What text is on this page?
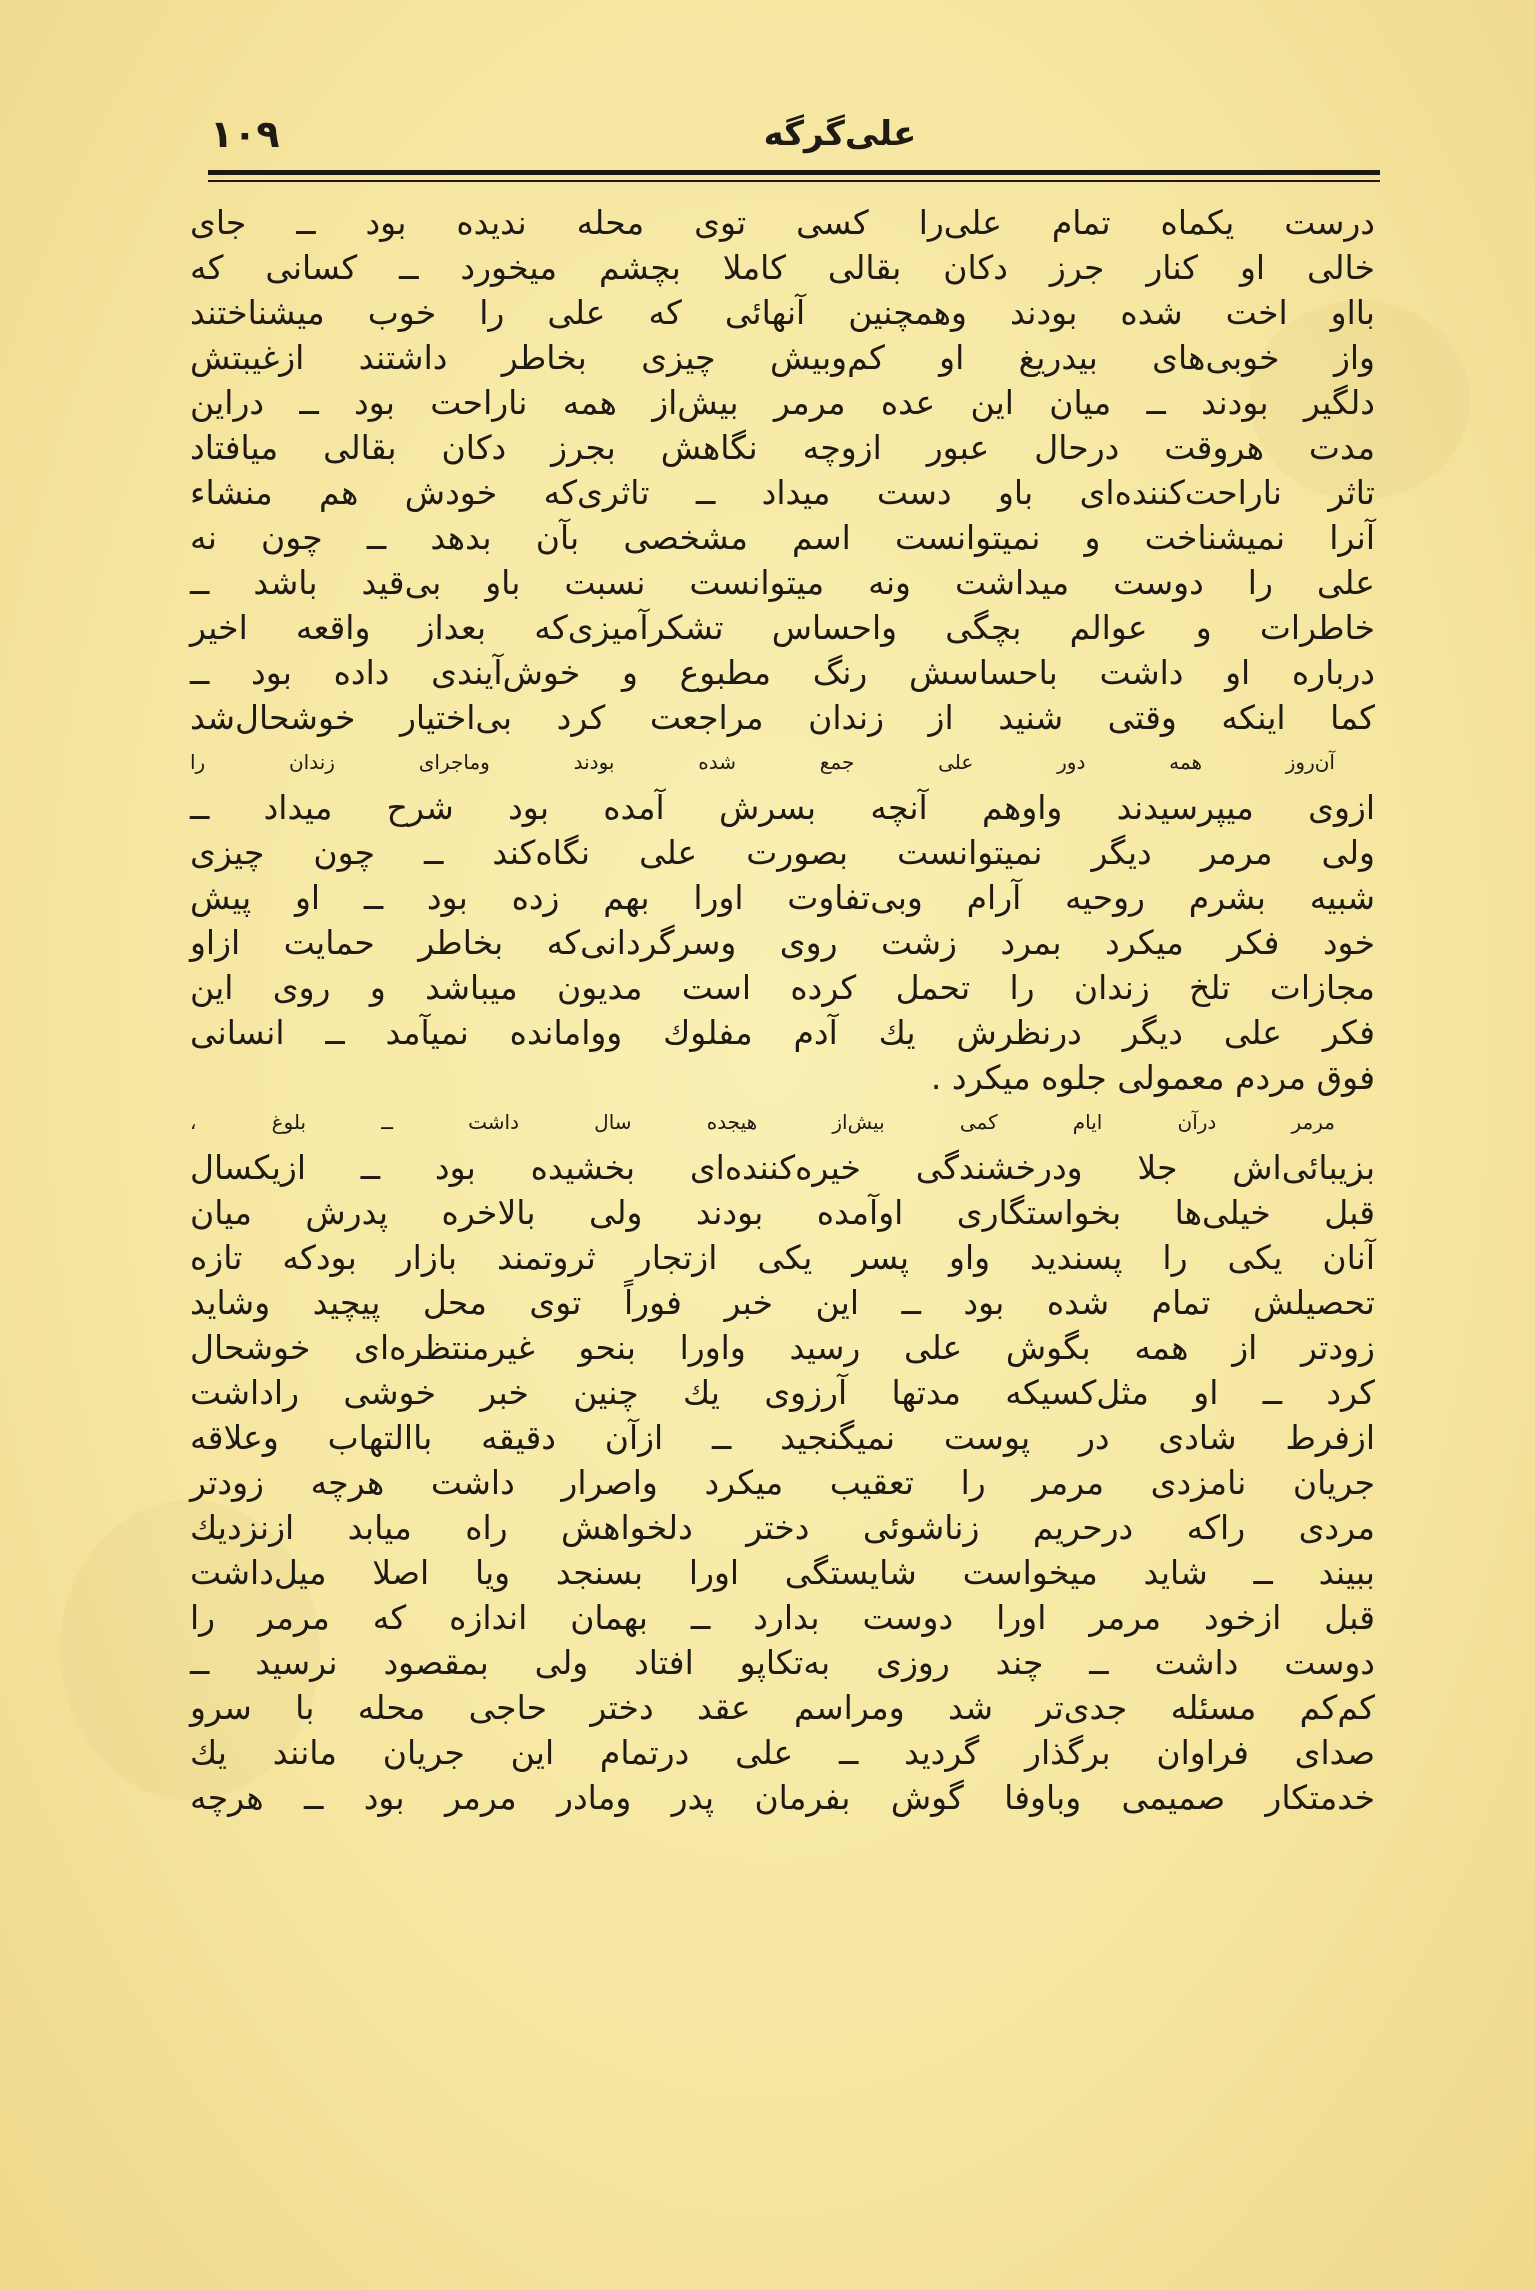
۱۰۹	علی‌گرگه
درست یکماه تمام علی‌را کسی توی محله ندیده بود ــ جای
خالی او کنار جرز دکان بقالی کاملا بچشم میخورد ــ کسانی که
بااو اخت شده بودند وهمچنین آنهائی که علی را خوب میشناختند
واز خوبی‌های بیدریغ او کم‌وبیش چیزی بخاطر داشتند ازغیبتش
دلگیر بودند ــ میان این عده مرمر بیش‌از همه ناراحت بود ــ دراین
مدت هروقت درحال عبور ازوچه نگاهش بجرز دکان بقالی میافتاد
تاثر ناراحت‌کننده‌ای باو دست میداد ــ تاثری‌که خودش هم منشاء
آنرا نمیشناخت و نمیتوانست اسم مشخصی بآن بدهد ــ چون نه
علی را دوست میداشت ونه میتوانست نسبت باو بی‌قید باشد ــ
خاطرات و عوالم بچگی واحساس تشکرآمیزی‌که بعداز واقعه اخیر
درباره او داشت باحساسش رنگ مطبوع و خوش‌آیندی داده بود ــ
کما اینکه وقتی شنید از زندان مراجعت کرد بی‌اختیار خوشحال‌شد
آن‌روز همه دور علی جمع شده بودند وماجرای زندان را
ازوی میپرسیدند واوهم آنچه بسرش آمده بود شرح میداد ــ
ولی مرمر دیگر نمیتوانست بصورت علی نگاه‌کند ــ چون چیزی
شبیه بشرم روحیه آرام وبی‌تفاوت اورا بهم زده بود ــ او پیش
خود فکر میکرد بمرد زشت روی وسرگردانی‌که بخاطر حمایت ازاو
مجازات تلخ زندان را تحمل کرده است مدیون میباشد و روی این
فکر علی دیگر درنظرش یك آدم مفلوك ووامانده نمیآمد ــ انسانی
فوق مردم معمولی جلوه میکرد .
مرمر درآن ایام کمی بیش‌از هیجده سال داشت ــ بلوغ ،
بزیبائی‌اش جلا ودرخشندگی خیره‌کننده‌ای بخشیده بود ــ ازیکسال
قبل خیلی‌ها بخواستگاری اوآمده بودند ولی بالاخره پدرش میان
آنان یکی را پسندید واو پسر یکی ازتجار ثروتمند بازار بودکه تازه
تحصیلش تمام شده بود ــ این خبر فوراً توی محل پیچید وشاید
زودتر از همه بگوش علی رسید واورا بنحو غیرمنتظره‌ای خوشحال
کرد ــ او مثل‌کسیکه مدتها آرزوی یك چنین خبر خوشی راداشت
ازفرط شادی در پوست نمیگنجید ــ ازآن دقیقه باالتهاب وعلاقه
جریان نامزدی مرمر را تعقیب میکرد واصرار داشت هرچه زودتر
مردی راکه درحریم زناشوئی دختر دلخواهش راه میابد ازنزدیك
ببیند ــ شاید میخواست شایستگی اورا بسنجد ویا اصلا میل‌داشت
قبل ازخود مرمر اورا دوست بدارد ــ بهمان اندازه که مرمر را
دوست داشت ــ چند روزی به‌تکاپو افتاد ولی بمقصود نرسید ــ
کم‌کم مسئله جدی‌تر شد ومراسم عقد دختر حاجی محله با سرو
صدای فراوان برگذار گردید ــ علی درتمام این جریان مانند یك
خدمتکار صمیمی وباوفا گوش بفرمان پدر ومادر مرمر بود ــ هرچه
